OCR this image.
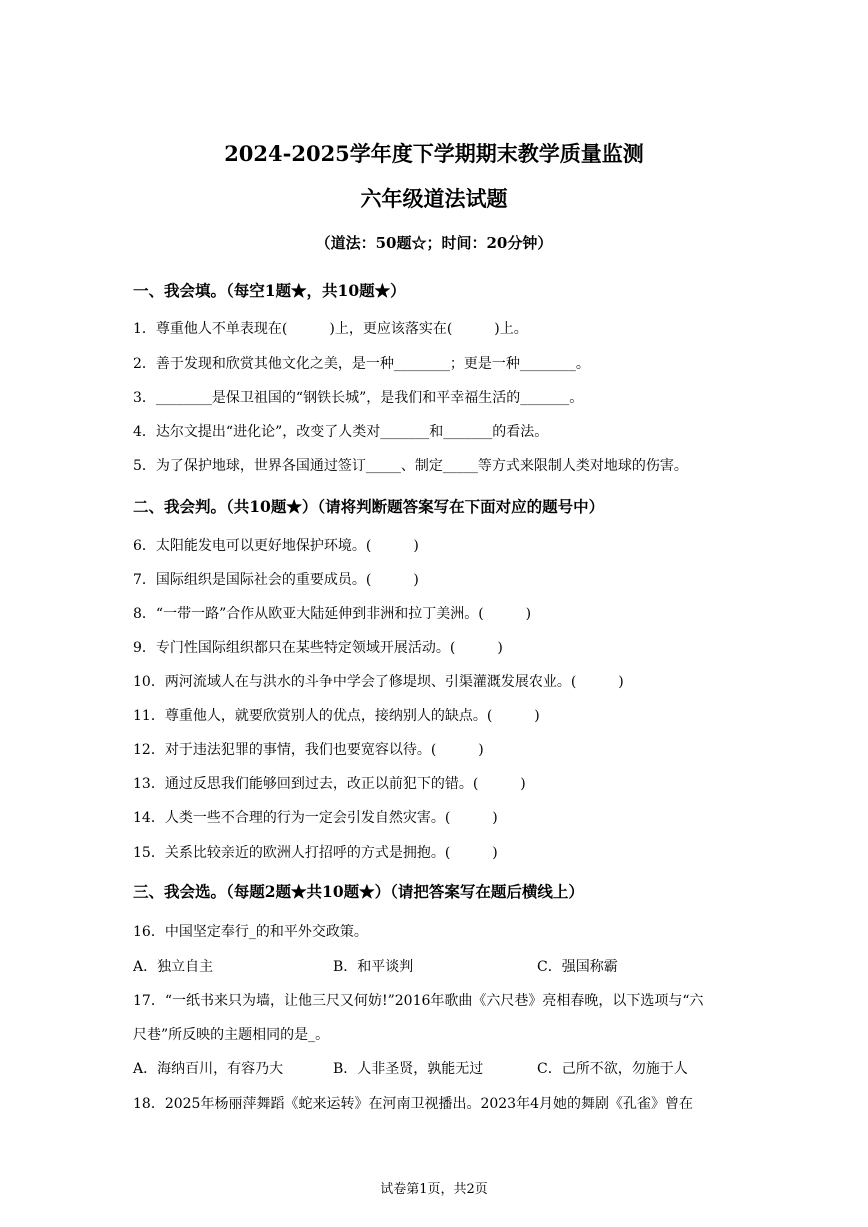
2024-2025学年度下学期期末教学质量监测
六年级道法试题
（道法：50题☆；时间：20分钟）
一、我会填。（每空1题★，共10题★）
1．尊重他人不单表现在(　　　)上，更应该落实在(　　　)上。
2．善于发现和欣赏其他文化之美，是一种________；更是一种________。
3．________是保卫祖国的“钢铁长城”，是我们和平幸福生活的_______。
4．达尔文提出“进化论”，改变了人类对_______和_______的看法。
5．为了保护地球，世界各国通过签订_____、制定_____等方式来限制人类对地球的伤害。
二、我会判。（共10题★）（请将判断题答案写在下面对应的题号中）
6．太阳能发电可以更好地保护环境。(　　　)
7．国际组织是国际社会的重要成员。(　　　)
8．“一带一路”合作从欧亚大陆延伸到非洲和拉丁美洲。(　　　)
9．专门性国际组织都只在某些特定领域开展活动。(　　　)
10．两河流域人在与洪水的斗争中学会了修堤坝、引渠灌溉发展农业。(　　　)
11．尊重他人，就要欣赏别人的优点，接纳别人的缺点。(　　　)
12．对于违法犯罪的事情，我们也要宽容以待。(　　　)
13．通过反思我们能够回到过去，改正以前犯下的错。(　　　)
14．人类一些不合理的行为一定会引发自然灾害。(　　　)
15．关系比较亲近的欧洲人打招呼的方式是拥抱。(　　　)
三、我会选。（每题2题★共10题★）（请把答案写在题后横线上）
16．中国坚定奉行_的和平外交政策。
A．独立自主	B．和平谈判	C．强国称霸
17．“一纸书来只为墙，让他三尺又何妨!”2016年歌曲《六尺巷》亮相春晚，以下选项与“六
尺巷”所反映的主题相同的是_。
A．海纳百川，有容乃大	B．人非圣贤，孰能无过	C．己所不欲，勿施于人
18．2025年杨丽萍舞蹈《蛇来运转》在河南卫视播出。2023年4月她的舞剧《孔雀》曾在
试卷第1页，共2页
